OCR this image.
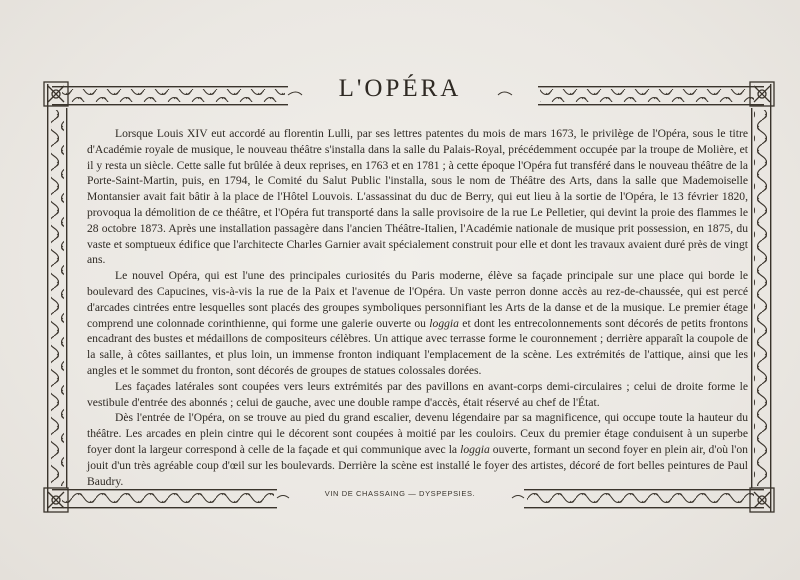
L'OPÉRA

Lorsque Louis XIV eut accordé au florentin Lulli, par ses lettres patentes du mois de mars 1673, le privilège de l'Opéra, sous le titre d'Académie royale de musique, le nouveau théâtre s'installa dans la salle du Palais-Royal, précédemment occupée par la troupe de Molière, et il y resta un siècle. Cette salle fut brûlée à deux reprises, en 1763 et en 1781 ; à cette époque l'Opéra fut transféré dans le nouveau théâtre de la Porte-Saint-Martin, puis, en 1794, le Comité du Salut Public l'installa, sous le nom de Théâtre des Arts, dans la salle que Mademoiselle Montansier avait fait bâtir à la place de l'Hôtel Louvois. L'assassinat du duc de Berry, qui eut lieu à la sortie de l'Opéra, le 13 février 1820, provoqua la démolition de ce théâtre, et l'Opéra fut transporté dans la salle provisoire de la rue Le Pelletier, qui devint la proie des flammes le 28 octobre 1873. Après une installation passagère dans l'ancien Théâtre-Italien, l'Académie nationale de musique prit possession, en 1875, du vaste et somptueux édifice que l'architecte Charles Garnier avait spécialement construit pour elle et dont les travaux avaient duré près de vingt ans.

Le nouvel Opéra, qui est l'une des principales curiosités du Paris moderne, élève sa façade principale sur une place qui borde le boulevard des Capucines, vis-à-vis la rue de la Paix et l'avenue de l'Opéra. Un vaste perron donne accès au rez-de-chaussée, qui est percé d'arcades cintrées entre lesquelles sont placés des groupes symboliques personnifiant les Arts de la danse et de la musique. Le premier étage comprend une colonnade corinthienne, qui forme une galerie ouverte ou loggia et dont les entrecolonnements sont décorés de petits frontons encadrant des bustes et médaillons de compositeurs célèbres. Un attique avec terrasse forme le couronnement ; derrière apparaît la coupole de la salle, à côtes saillantes, et plus loin, un immense fronton indiquant l'emplacement de la scène. Les extrémités de l'attique, ainsi que les angles et le sommet du fronton, sont décorés de groupes de statues colossales dorées.

Les façades latérales sont coupées vers leurs extrémités par des pavillons en avant-corps demi-circulaires ; celui de droite forme le vestibule d'entrée des abonnés ; celui de gauche, avec une double rampe d'accès, était réservé au chef de l'État.

Dès l'entrée de l'Opéra, on se trouve au pied du grand escalier, devenu légendaire par sa magnificence, qui occupe toute la hauteur du théâtre. Les arcades en plein cintre qui le décorent sont coupées à moitié par les couloirs. Ceux du premier étage conduisent à un superbe foyer dont la largeur correspond à celle de la façade et qui communique avec la loggia ouverte, formant un second foyer en plein air, d'où l'on jouit d'un très agréable coup d'œil sur les boulevards. Derrière la scène est installé le foyer des artistes, décoré de fort belles peintures de Paul Baudry.

VIN DE CHASSAING — DYSPEPSIES.
